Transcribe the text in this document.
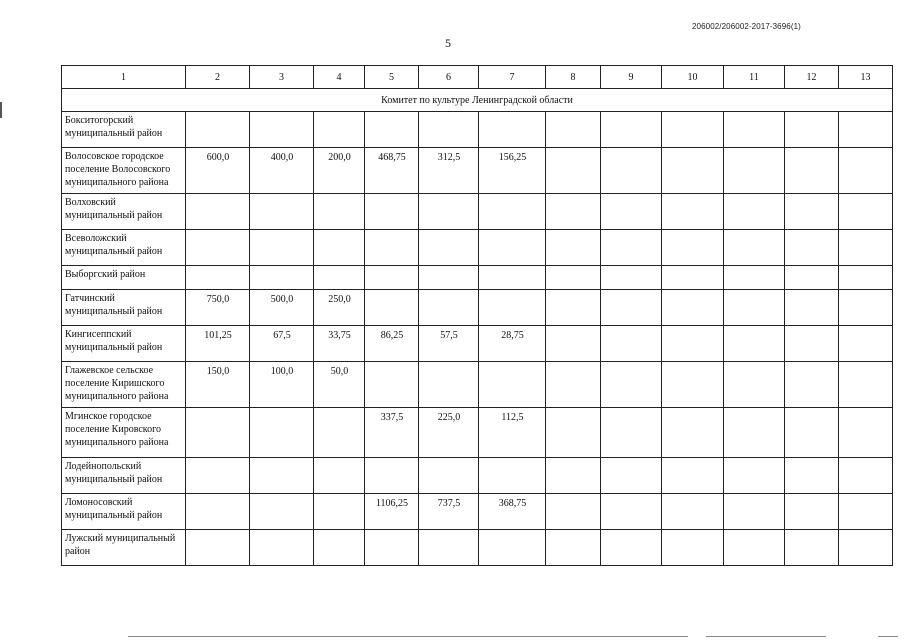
206002/206002-2017-3696(1)
5
1	2	3	4	5	6	7	8	9	10	11	12	13
Комитет по культуре Ленинградской области												
Бокситогорский муниципальный район												
Волосовское городское поселение Волосовского муниципального района	600,0	400,0	200,0	468,75	312,5	156,25						
Волховский муниципальный район												
Всеволожский муниципальный район												
Выборгский район												
Гатчинский муниципальный район	750,0	500,0	250,0									
Кингисеппский муниципальный район	101,25	67,5	33,75	86,25	57,5	28,75						
Глажевское сельское поселение Киришского муниципального района	150,0	100,0	50,0									
Мгинское городское поселение Кировского муниципального района				337,5	225,0	112,5						
Лодейнопольский муниципальный район												
Ломоносовский муниципальный район				1106,25	737,5	368,75						
Лужский муниципальный район												
